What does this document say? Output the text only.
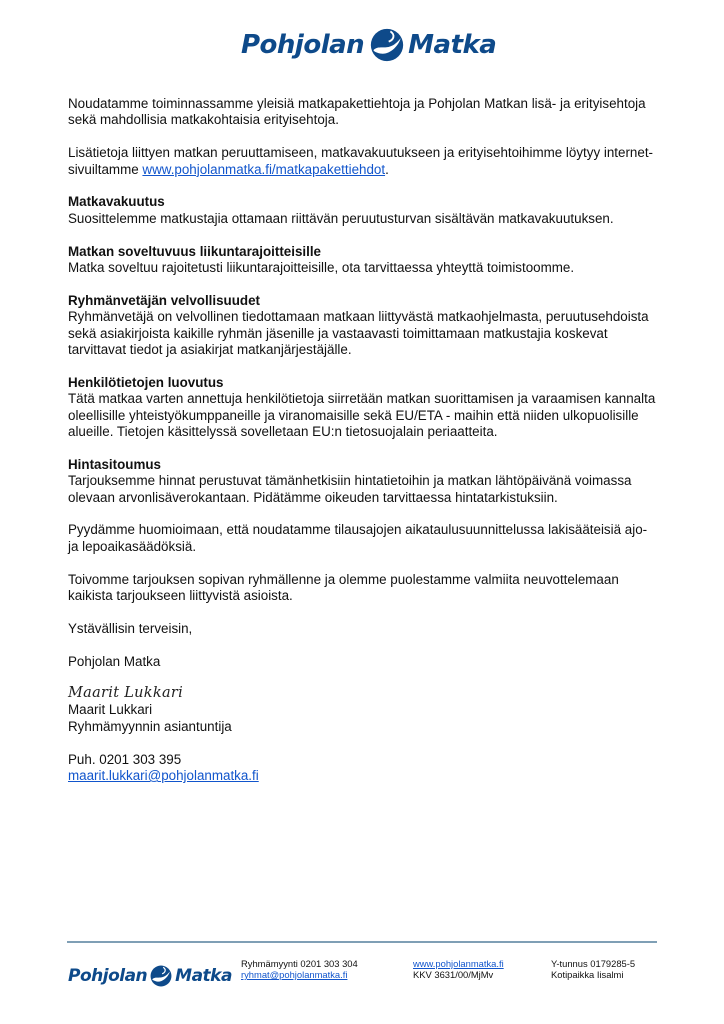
Pohjolan Matka

Noudatamme toiminnassamme yleisiä matkapakettiehtoja ja Pohjolan Matkan lisä- ja erityisehtoja sekä mahdollisia matkakohtaisia erityisehtoja.

Lisätietoja liittyen matkan peruuttamiseen, matkavakuutukseen ja erityisehtoihimme löytyy internet-sivuiltamme www.pohjolanmatka.fi/matkapakettiehdot.

Matkavakuutus

Suosittelemme matkustajia ottamaan riittävän peruutusturvan sisältävän matkavakuutuksen.

Matkan soveltuvuus liikuntarajoitteisille

Matka soveltuu rajoitetusti liikuntarajoitteisille, ota tarvittaessa yhteyttä toimistoomme.

Ryhmänvetäjän velvollisuudet

Ryhmänvetäjä on velvollinen tiedottamaan matkaan liittyvästä matkaohjelmasta, peruutusehdoista sekä asiakirjoista kaikille ryhmän jäsenille ja vastaavasti toimittamaan matkustajia koskevat tarvittavat tiedot ja asiakirjat matkanjärjestäjälle.

Henkilötietojen luovutus

Tätä matkaa varten annettuja henkilötietoja siirretään matkan suorittamisen ja varaamisen kannalta oleellisille yhteistyökumppaneille ja viranomaisille sekä EU/ETA - maihin että niiden ulkopuolisille alueille. Tietojen käsittelyssä sovelletaan EU:n tietosuojalain periaatteita.

Hintasitoumus

Tarjouksemme hinnat perustuvat tämänhetkisiin hintatietoihin ja matkan lähtöpäivänä voimassa olevaan arvonlisäverokantaan. Pidätämme oikeuden tarvittaessa hintatarkistuksiin.

Pyydämme huomioimaan, että noudatamme tilausajojen aikataulusuunnittelussa lakisääteisiä ajo- ja lepoaikasäädöksiä.

Toivomme tarjouksen sopivan ryhmällenne ja olemme puolestamme valmiita neuvottelemaan kaikista tarjoukseen liittyvistä asioista.

Ystävällisin terveisin,

Pohjolan Matka

Maarit Lukkari
Maarit Lukkari
Ryhmämyynnin asiantuntija
Puh. 0201 303 395
maarit.lukkari@pohjolanmatka.fi
Pohjolan Matka
Ryhmämyynti 0201 303 304
ryhmat@pohjolanmatka.fi
www.pohjolanmatka.fi
KKV 3631/00/MjMv
Y-tunnus 0179285-5
Kotipaikka Iisalmi
